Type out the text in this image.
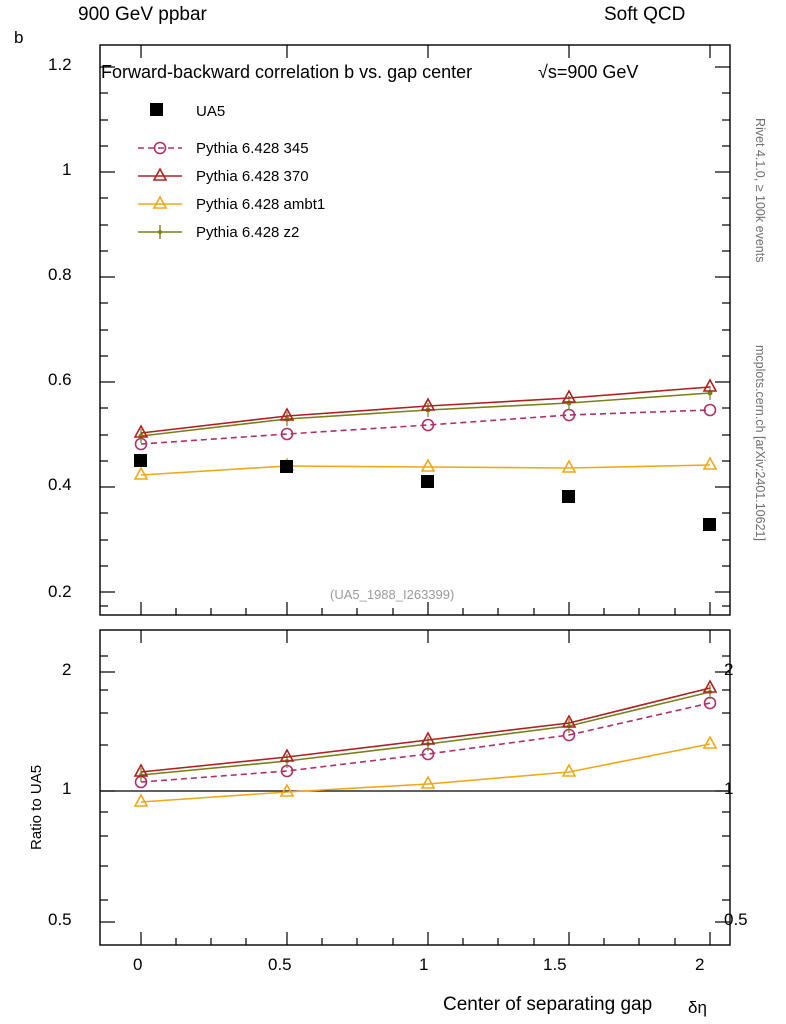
900 GeV ppbar	Soft QCD
Rivet 4.1.0, ≥ 100k events
mcplots.cern.ch [arXiv:2401.10621]
b
Forward-backward correlation b vs. gap center	√s=900 GeV
(UA5_1988_I263399)
Ratio to UA5
Center of separating gap δη
0.2
0.4
0.6
0.8
1
1.2
0.5
1
2
0.5
1
2
0	0.5	1	1.5	2
UA5
Pythia 6.428 345
Pythia 6.428 370
Pythia 6.428 ambt1
Pythia 6.428 z2
